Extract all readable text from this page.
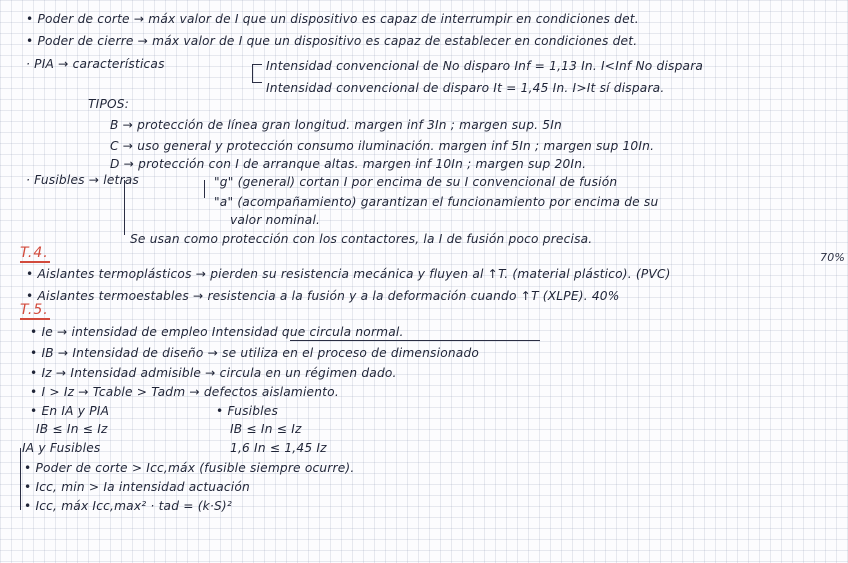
• Poder de corte → máx valor de I que un dispositivo es capaz de interrumpir en condiciones det.
• Poder de cierre → máx valor de I que un dispositivo es capaz de establecer en condiciones det.
· PIA → características	Intensidad convencional de No disparo Inf = 1,13 In. I<Inf No dispara
Intensidad convencional de disparo It = 1,45 In. I>It sí dispara.
TIPOS:
B → protección de línea gran longitud. margen inf 3In ; margen sup. 5In
C → uso general y protección consumo iluminación. margen inf 5In ; margen sup 10In.
D → protección con I de arranque altas. margen inf 10In ; margen sup 20In.
· Fusibles → letras	"g" (general) cortan I por encima de su I convencional de fusión
"a" (acompañamiento) garantizan el funcionamiento por encima de su
valor nominal.
Se usan como protección con los contactores, la I de fusión poco precisa.
T.4.	70%
• Aislantes termoplásticos → pierden su resistencia mecánica y fluyen al ↑T. (material plástico). (PVC)
• Aislantes termoestables → resistencia a la fusión y a la deformación cuando ↑T (XLPE). 40%
T.5.
• Ie → intensidad de empleo Intensidad que circula normal.
• IB → Intensidad de diseño → se utiliza en el proceso de dimensionado
• Iz → Intensidad admisible → circula en un régimen dado.
• I > Iz → Tcable > Tadm → defectos aislamiento.
• En IA y PIA	• Fusibles
IB ≤ In ≤ Iz	IB ≤ In ≤ Iz
IA y Fusibles	1,6 In ≤ 1,45 Iz
• Poder de corte > Icc,máx (fusible siempre ocurre).
• Icc, min > Ia intensidad actuación
• Icc, máx Icc,max² · tad = (k·S)²
